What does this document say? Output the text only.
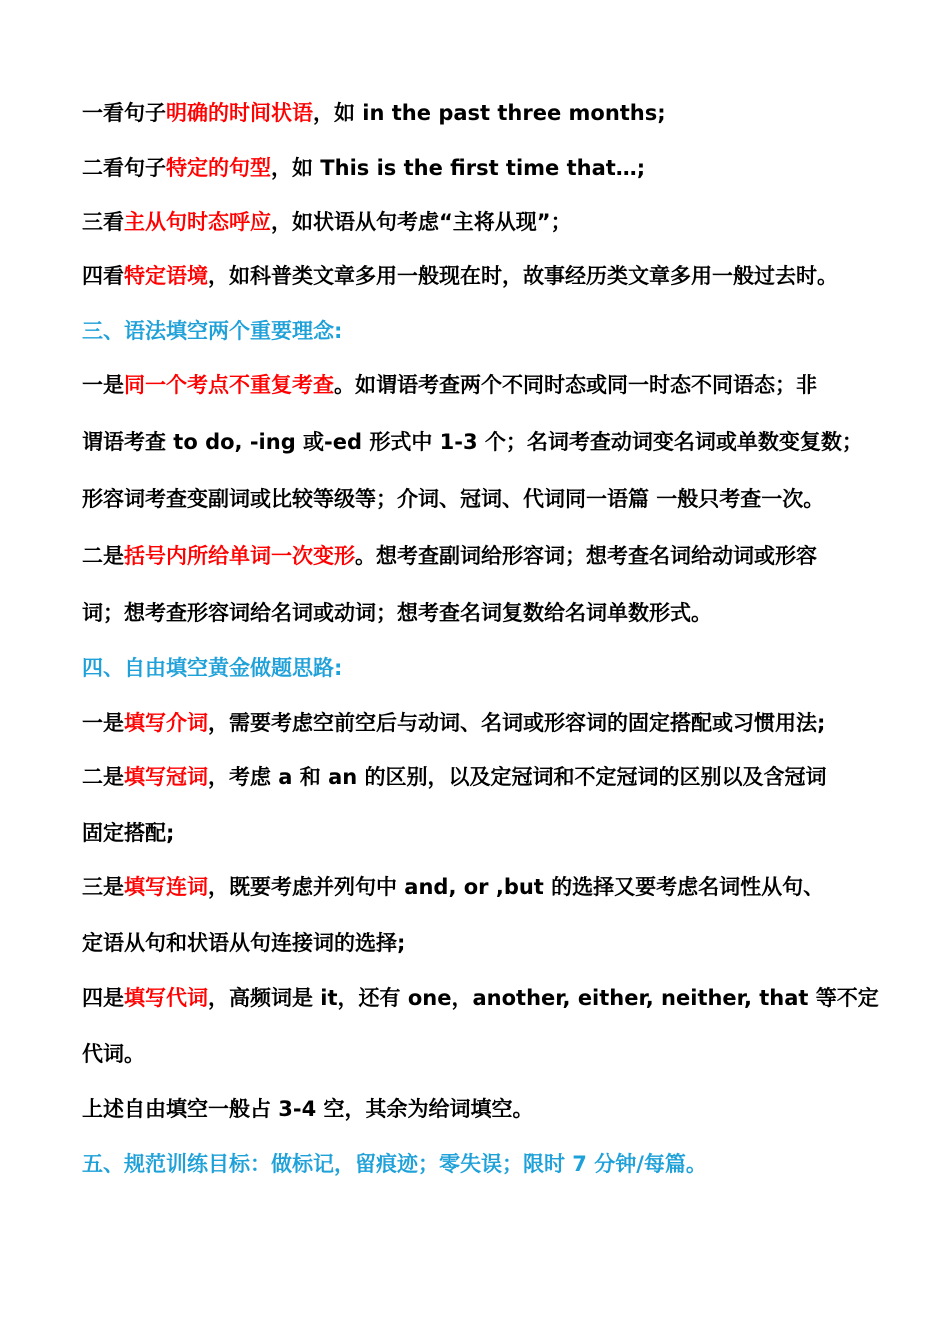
一看句子明确的时间状语，如 in the past three months;
二看句子特定的句型，如 This is the first time that…;
三看主从句时态呼应，如状语从句考虑“主将从现”；
四看特定语境，如科普类文章多用一般现在时，故事经历类文章多用一般过去时。
三、语法填空两个重要理念:
一是同一个考点不重复考查。如谓语考查两个不同时态或同一时态不同语态；非
谓语考查 to do, -ing 或-ed 形式中 1-3 个；名词考查动词变名词或单数变复数；
形容词考查变副词或比较等级等；介词、冠词、代词同一语篇 一般只考查一次。
二是括号内所给单词一次变形。想考查副词给形容词；想考查名词给动词或形容
词；想考查形容词给名词或动词；想考查名词复数给名词单数形式。
四、自由填空黄金做题思路:
一是填写介词，需要考虑空前空后与动词、名词或形容词的固定搭配或习惯用法;
二是填写冠词，考虑 a 和 an 的区别，以及定冠词和不定冠词的区别以及含冠词
固定搭配;
三是填写连词，既要考虑并列句中 and, or ,but 的选择又要考虑名词性从句、
定语从句和状语从句连接词的选择;
四是填写代词，高频词是 it，还有 one，another, either, neither, that 等不定
代词。
上述自由填空一般占 3-4 空，其余为给词填空。
五、规范训练目标：做标记，留痕迹；零失误；限时 7 分钟/每篇。
